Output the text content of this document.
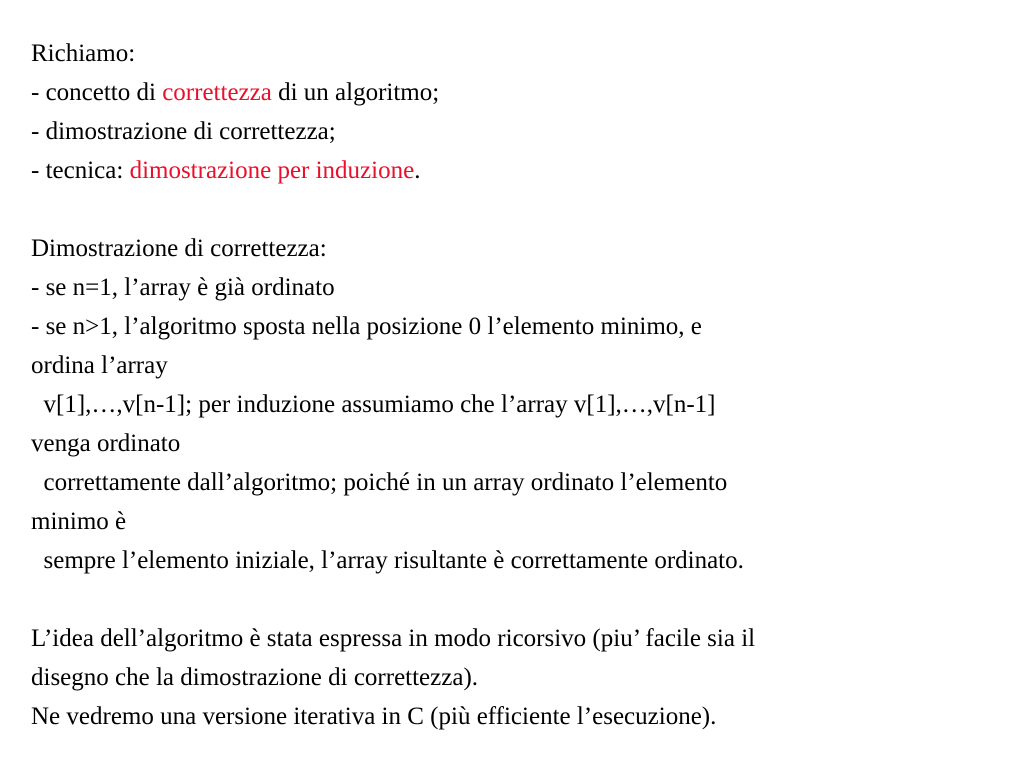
Richiamo:
- concetto di correttezza di un algoritmo;
- dimostrazione di correttezza;
- tecnica: dimostrazione per induzione.
Dimostrazione di correttezza:
- se n=1, l’array è già ordinato
- se n>1, l’algoritmo sposta nella posizione 0 l’elemento minimo, e
ordina l’array
v[1],…,v[n-1]; per induzione assumiamo che l’array v[1],…,v[n-1]
venga ordinato
correttamente dall’algoritmo; poiché in un array ordinato l’elemento
minimo è
sempre l’elemento iniziale, l’array risultante è correttamente ordinato.
L’idea dell’algoritmo è stata espressa in modo ricorsivo (piu’ facile sia il
disegno che la dimostrazione di correttezza).
Ne vedremo una versione iterativa in C (più efficiente l’esecuzione).
